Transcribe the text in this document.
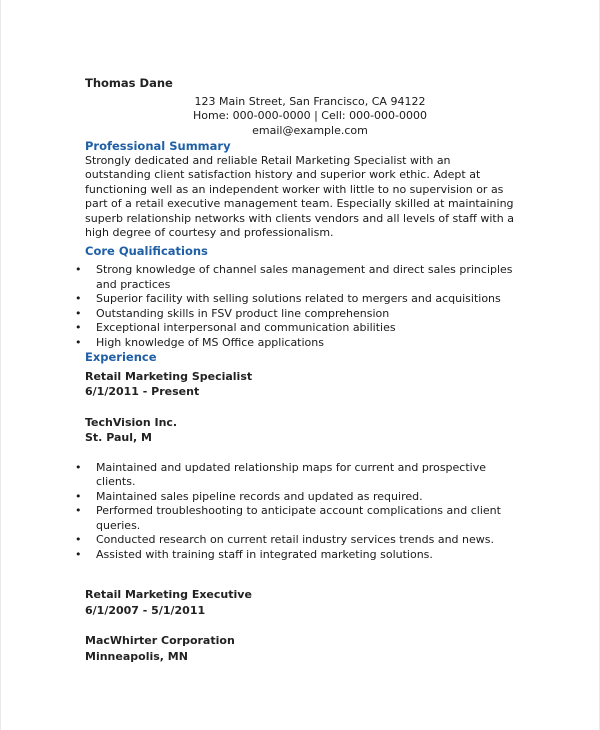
Thomas Dane
123 Main Street, San Francisco, CA 94122
Home: 000-000-0000 | Cell: 000-000-0000
email@example.com
Professional Summary
Strongly dedicated and reliable Retail Marketing Specialist with an outstanding client satisfaction history and superior work ethic. Adept at functioning well as an independent worker with little to no supervision or as part of a retail executive management team. Especially skilled at maintaining superb relationship networks with clients vendors and all levels of staff with a high degree of courtesy and professionalism.
Core Qualifications
• Strong knowledge of channel sales management and direct sales principles and practices
• Superior facility with selling solutions related to mergers and acquisitions
• Outstanding skills in FSV product line comprehension
• Exceptional interpersonal and communication abilities
• High knowledge of MS Office applications
Experience
Retail Marketing Specialist
6/1/2011 - Present
TechVision Inc.
St. Paul, M
• Maintained and updated relationship maps for current and prospective clients.
• Maintained sales pipeline records and updated as required.
• Performed troubleshooting to anticipate account complications and client queries.
• Conducted research on current retail industry services trends and news.
• Assisted with training staff in integrated marketing solutions.
Retail Marketing Executive
6/1/2007 - 5/1/2011
MacWhirter Corporation
Minneapolis, MN
